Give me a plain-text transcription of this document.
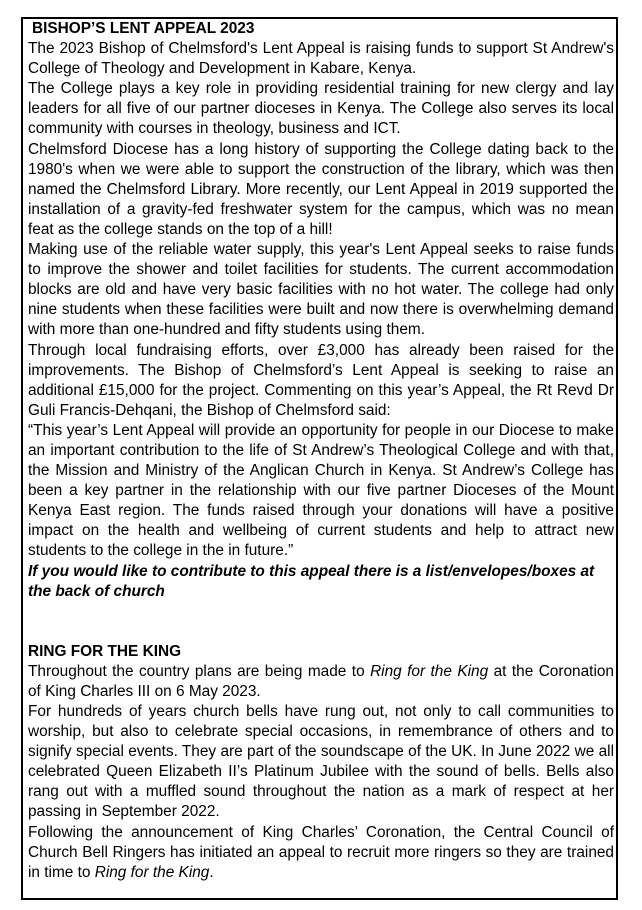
BISHOP’S LENT APPEAL 2023

The 2023 Bishop of Chelmsford's Lent Appeal is raising funds to support St Andrew's College of Theology and Development in Kabare, Kenya.

The College plays a key role in providing residential training for new clergy and lay leaders for all five of our partner dioceses in Kenya. The College also serves its local community with courses in theology, business and ICT.

Chelmsford Diocese has a long history of supporting the College dating back to the 1980's when we were able to support the construction of the library, which was then named the Chelmsford Library. More recently, our Lent Appeal in 2019 supported the installation of a gravity-fed freshwater system for the campus, which was no mean feat as the college stands on the top of a hill!

Making use of the reliable water supply, this year's Lent Appeal seeks to raise funds to improve the shower and toilet facilities for students. The current accommodation blocks are old and have very basic facilities with no hot water. The college had only nine students when these facilities were built and now there is overwhelming demand with more than one-hundred and fifty students using them.

Through local fundraising efforts, over £3,000 has already been raised for the improvements. The Bishop of Chelmsford’s Lent Appeal is seeking to raise an additional £15,000 for the project. Commenting on this year’s Appeal, the Rt Revd Dr Guli Francis-Dehqani, the Bishop of Chelmsford said:

“This year’s Lent Appeal will provide an opportunity for people in our Diocese to make an important contribution to the life of St Andrew’s Theological College and with that, the Mission and Ministry of the Anglican Church in Kenya. St Andrew’s College has been a key partner in the relationship with our five partner Dioceses of the Mount Kenya East region. The funds raised through your donations will have a positive impact on the health and wellbeing of current students and help to attract new students to the college in the in future.”

If you would like to contribute to this appeal there is a list/envelopes/boxes at the back of church

RING FOR THE KING

Throughout the country plans are being made to Ring for the King at the Coronation of King Charles III on 6 May 2023.

For hundreds of years church bells have rung out, not only to call communities to worship, but also to celebrate special occasions, in remembrance of others and to signify special events. They are part of the soundscape of the UK. In June 2022 we all celebrated Queen Elizabeth II’s Platinum Jubilee with the sound of bells. Bells also rang out with a muffled sound throughout the nation as a mark of respect at her passing in September 2022.

Following the announcement of King Charles’ Coronation, the Central Council of Church Bell Ringers has initiated an appeal to recruit more ringers so they are trained in time to Ring for the King.
